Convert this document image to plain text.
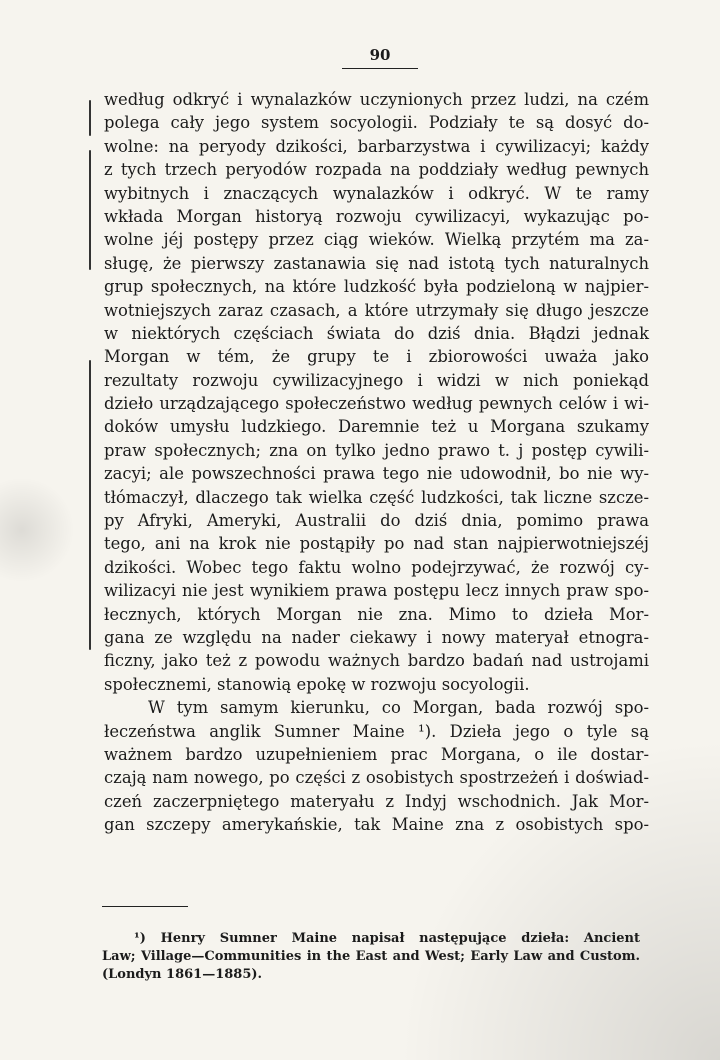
90
według odkryć i wynalazków uczynionych przez ludzi, na czém
polega cały jego system socyologii. Podziały te są dosyć do-
wolne: na peryody dzikości, barbarzystwa i cywilizacyi; każdy
z tych trzech peryodów rozpada na poddziały według pewnych
wybitnych i znaczących wynalazków i odkryć. W te ramy
wkłada Morgan historyą rozwoju cywilizacyi, wykazując po-
wolne jéj postępy przez ciąg wieków. Wielką przytém ma za-
sługę, że pierwszy zastanawia się nad istotą tych naturalnych
grup społecznych, na które ludzkość była podzieloną w najpier-
wotniejszych zaraz czasach, a które utrzymały się długo jeszcze
w niektórych częściach świata do dziś dnia. Błądzi jednak
Morgan w tém, że grupy te i zbiorowości uważa jako
rezultaty rozwoju cywilizacyjnego i widzi w nich poniekąd
dzieło urządzającego społeczeństwo według pewnych celów i wi-
doków umysłu ludzkiego. Daremnie też u Morgana szukamy
praw społecznych; zna on tylko jedno prawo t. j postęp cywili-
zacyi; ale powszechności prawa tego nie udowodnił, bo nie wy-
tłómaczył, dlaczego tak wielka część ludzkości, tak liczne szcze-
py Afryki, Ameryki, Australii do dziś dnia, pomimo prawa
tego, ani na krok nie postąpiły po nad stan najpierwotniejszéj
dzikości. Wobec tego faktu wolno podejrzywać, że rozwój cy-
wilizacyi nie jest wynikiem prawa postępu lecz innych praw spo-
łecznych, których Morgan nie zna. Mimo to dzieła Mor-
gana ze względu na nader ciekawy i nowy materyał etnogra-
ficzny, jako też z powodu ważnych bardzo badań nad ustrojami
społecznemi, stanowią epokę w rozwoju socyologii.
W tym samym kierunku, co Morgan, bada rozwój spo-
łeczeństwa anglik Sumner Maine ¹). Dzieła jego o tyle są
ważnem bardzo uzupełnieniem prac Morgana, o ile dostar-
czają nam nowego, po części z osobistych spostrzeżeń i doświad-
czeń zaczerpniętego materyału z Indyj wschodnich. Jak Mor-
gan szczepy amerykańskie, tak Maine zna z osobistych spo-
¹) Henry Sumner Maine napisał następujące dzieła: Ancient
Law; Village—Communities in the East and West; Early Law and Custom.
(Londyn 1861—1885).
